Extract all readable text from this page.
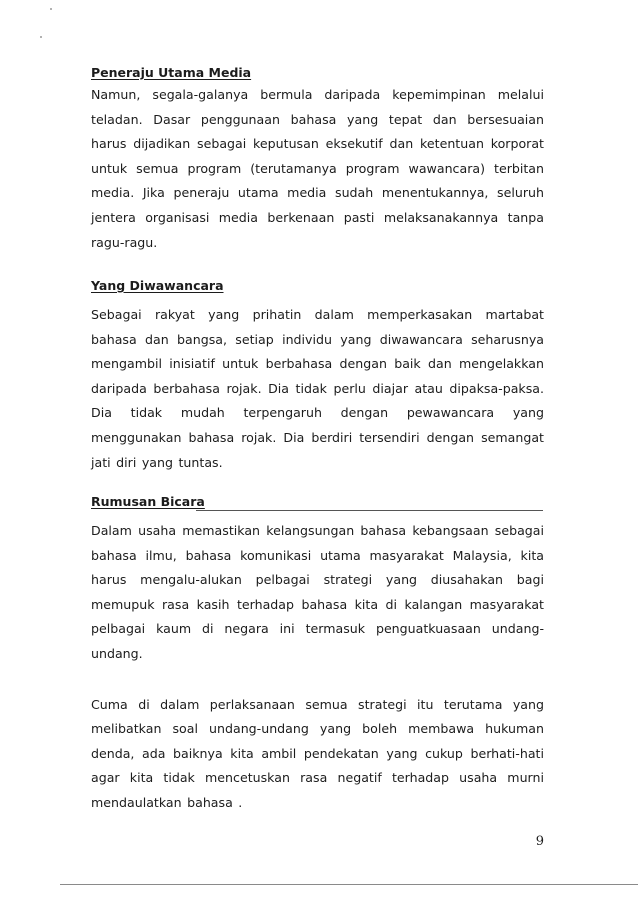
Peneraju Utama Media

Namun, segala-galanya bermula daripada kepemimpinan melalui teladan. Dasar penggunaan bahasa yang tepat dan bersesuaian harus dijadikan sebagai keputusan eksekutif dan ketentuan korporat untuk semua program (terutamanya program wawancara) terbitan media. Jika peneraju utama media sudah menentukannya, seluruh jentera organisasi media berkenaan pasti melaksanakannya tanpa ragu-ragu.

Yang Diwawancara

Sebagai rakyat yang prihatin dalam memperkasakan martabat bahasa dan bangsa, setiap individu yang diwawancara seharusnya mengambil inisiatif untuk berbahasa dengan baik dan mengelakkan daripada berbahasa rojak. Dia tidak perlu diajar atau dipaksa-paksa. Dia tidak mudah terpengaruh dengan pewawancara yang menggunakan bahasa rojak. Dia berdiri tersendiri dengan semangat jati diri yang tuntas.

Rumusan Bicara

Dalam usaha memastikan kelangsungan bahasa kebangsaan sebagai bahasa ilmu, bahasa komunikasi utama masyarakat Malaysia, kita harus mengalu-alukan pelbagai strategi yang diusahakan bagi memupuk rasa kasih terhadap bahasa kita di kalangan masyarakat pelbagai kaum di negara ini termasuk penguatkuasaan undang-undang.

Cuma di dalam perlaksanaan semua strategi itu terutama yang melibatkan soal undang-undang yang boleh membawa hukuman denda, ada baiknya kita ambil pendekatan yang cukup berhati-hati agar kita tidak mencetuskan rasa negatif terhadap usaha murni mendaulatkan bahasa .

9
